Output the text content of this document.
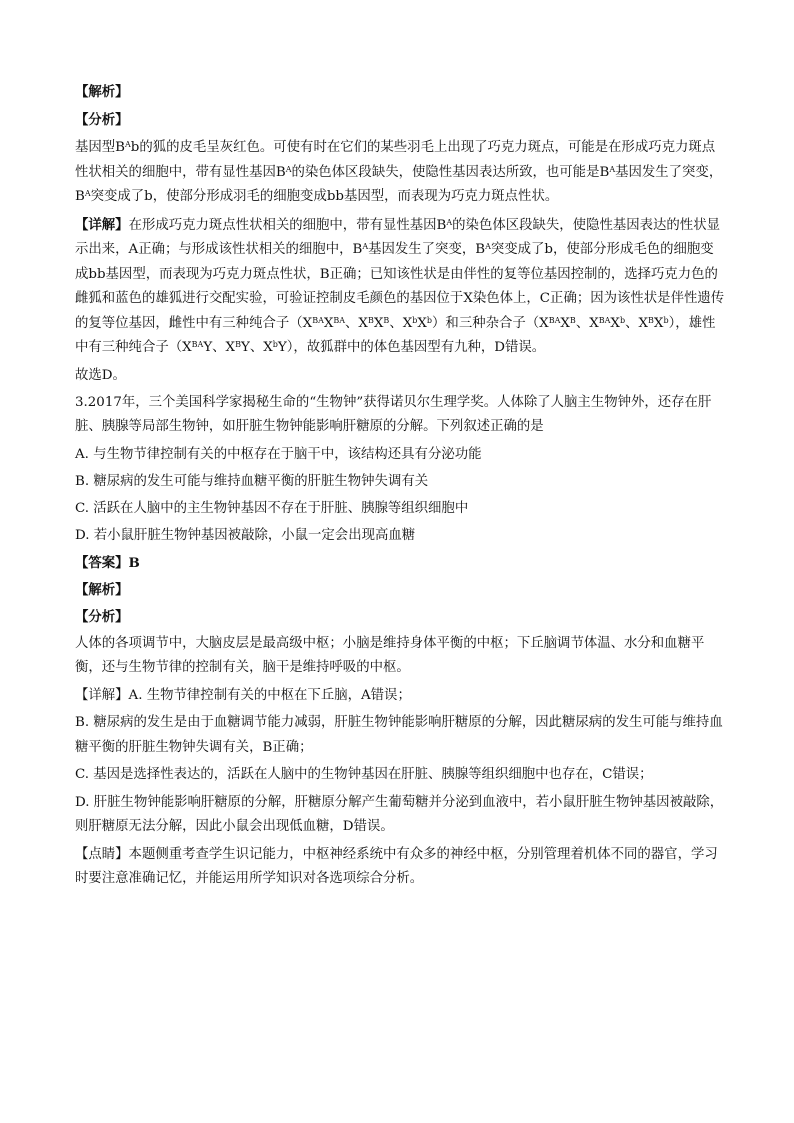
【解析】
【分析】
基因型$B^Ab$的狐的皮毛呈灰红色。可使有时在它们的某些羽毛上出现了巧克力斑点，可能是在形成巧克力斑点性状相关的细胞中，带有显性基因$B^A$的染色体区段缺失，使隐性基因表达所致，也可能是$B^A$基因发生了突变，$B^A$突变成了b，使部分形成羽毛的细胞变成bb基因型，而表现为巧克力斑点性状。
【详解】在形成巧克力斑点性状相关的细胞中，带有显性基因$B^A$的染色体区段缺失，使隐性基因表达的性状显示出来，A正确；与形成该性状相关的细胞中，$B^A$基因发生了突变，$B^A$突变成了b，使部分形成毛色的细胞变成bb基因型，而表现为巧克力斑点性状，B正确；已知该性状是由伴性的复等位基因控制的，选择巧克力色的雌狐和蓝色的雄狐进行交配实验，可验证控制皮毛颜色的基因位于X染色体上，C正确；因为该性状是伴性遗传的复等位基因，雌性中有三种纯合子（$X^{BA}X^{BA}$、$X^BX^B$、$X^bX^b$）和三种杂合子（$X^{BA}X^B$、$X^{BA}X^b$、$X^BX^b$），雄性中有三种纯合子（$X^{BA}Y$、$X^BY$、$X^bY$），故狐群中的体色基因型有九种，D错误。
故选D。
3.2017年，三个美国科学家揭秘生命的“生物钟”获得诺贝尔生理学奖。人体除了人脑主生物钟外，还存在肝脏、胰腺等局部生物钟，如肝脏生物钟能影响肝糖原的分解。下列叙述正确的是
A. 与生物节律控制有关的中枢存在于脑干中，该结构还具有分泌功能
B. 糖尿病的发生可能与维持血糖平衡的肝脏生物钟失调有关
C. 活跃在人脑中的主生物钟基因不存在于肝脏、胰腺等组织细胞中
D. 若小鼠肝脏生物钟基因被敲除，小鼠一定会出现高血糖
【答案】B
【解析】
【分析】
人体的各项调节中，大脑皮层是最高级中枢；小脑是维持身体平衡的中枢；下丘脑调节体温、水分和血糖平衡，还与生物节律的控制有关，脑干是维持呼吸的中枢。
【详解】A. 生物节律控制有关的中枢在下丘脑，A错误；
B. 糖尿病的发生是由于血糖调节能力减弱，肝脏生物钟能影响肝糖原的分解，因此糖尿病的发生可能与维持血糖平衡的肝脏生物钟失调有关，B正确；
C. 基因是选择性表达的，活跃在人脑中的生物钟基因在肝脏、胰腺等组织细胞中也存在，C错误；
D. 肝脏生物钟能影响肝糖原的分解，肝糖原分解产生葡萄糖并分泌到血液中，若小鼠肝脏生物钟基因被敲除，则肝糖原无法分解，因此小鼠会出现低血糖，D错误。
【点睛】本题侧重考查学生识记能力，中枢神经系统中有众多的神经中枢，分别管理着机体不同的器官，学习时要注意准确记忆，并能运用所学知识对各选项综合分析。
